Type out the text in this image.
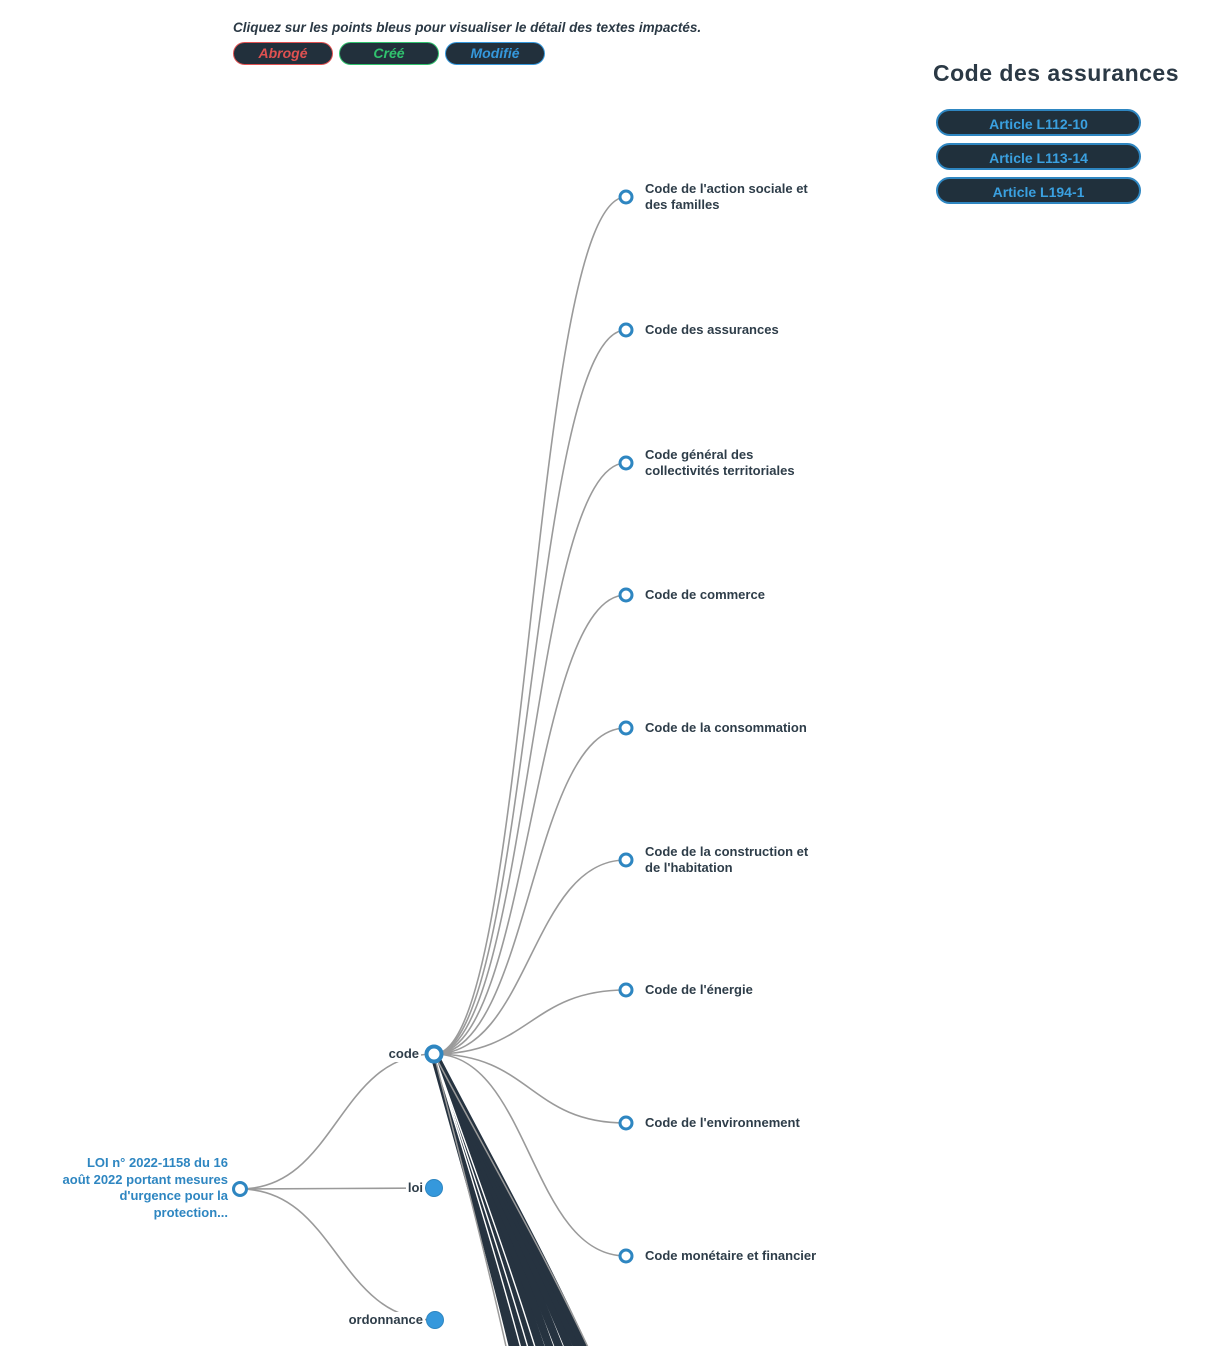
Cliquez sur les points bleus pour visualiser le détail des textes impactés.
Abrogé	Créé	Modifié
Code des assurances
Article L112-10
Article L113-14
Article L194-1
LOI n° 2022-1158 du 16 août 2022 portant mesures d'urgence pour la protection...
code
loi
ordonnance
Code de l'action sociale et des familles
Code des assurances
Code général des collectivités territoriales
Code de commerce
Code de la consommation
Code de la construction et de l'habitation
Code de l'énergie
Code de l'environnement
Code monétaire et financier
